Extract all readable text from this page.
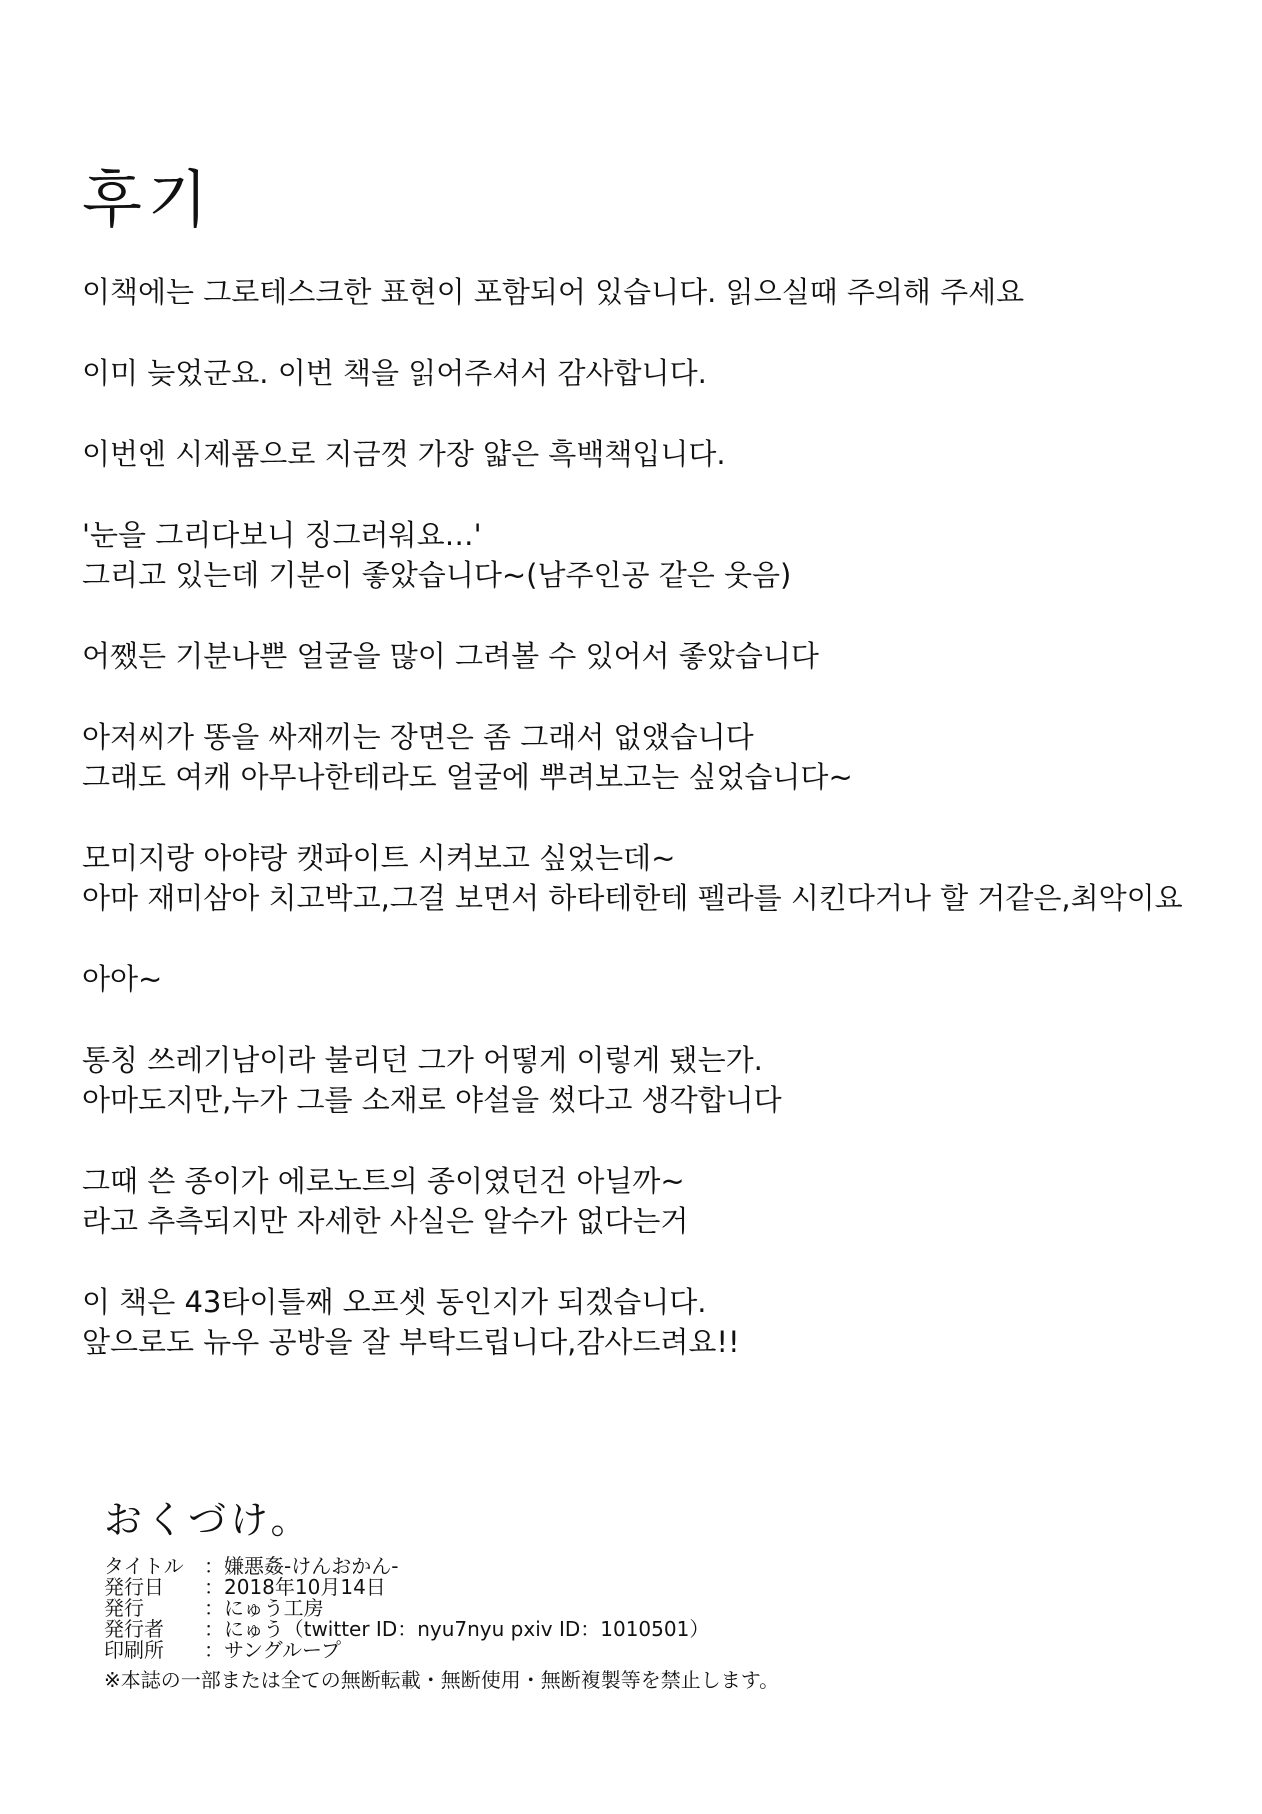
후기
이책에는 그로테스크한 표현이 포함되어 있습니다. 읽으실때 주의해 주세요
이미 늦었군요. 이번 책을 읽어주셔서 감사합니다.
이번엔 시제품으로 지금껏 가장 얇은 흑백책입니다.
'눈을 그리다보니 징그러워요…'
그리고 있는데 기분이 좋았습니다~(남주인공 같은 웃음)
어쨌든 기분나쁜 얼굴을 많이 그려볼 수 있어서 좋았습니다
아저씨가 똥을 싸재끼는 장면은 좀 그래서 없앴습니다
그래도 여캐 아무나한테라도 얼굴에 뿌려보고는 싶었습니다~
모미지랑 아야랑 캣파이트 시켜보고 싶었는데~
아마 재미삼아 치고박고,그걸 보면서 하타테한테 펠라를 시킨다거나 할 거같은,최악이요
아아~
통칭 쓰레기남이라 불리던 그가 어떻게 이렇게 됐는가.
아마도지만,누가 그를 소재로 야설을 썼다고 생각합니다
그때 쓴 종이가 에로노트의 종이였던건 아닐까~
라고 추측되지만 자세한 사실은 알수가 없다는거
이 책은 43타이틀째 오프셋 동인지가 되겠습니다.
앞으로도 뉴우 공방을 잘 부탁드립니다,감사드려요!!
おくづけ。
タイトル	： 嫌悪姦-けんおかん-
発行日	： 2018年10月14日
発行	： にゅう工房
発行者	： にゅう（twitter ID：nyu7nyu pxiv ID：1010501）
印刷所	： サングループ
※本誌の一部または全ての無断転載・無断使用・無断複製等を禁止します。
